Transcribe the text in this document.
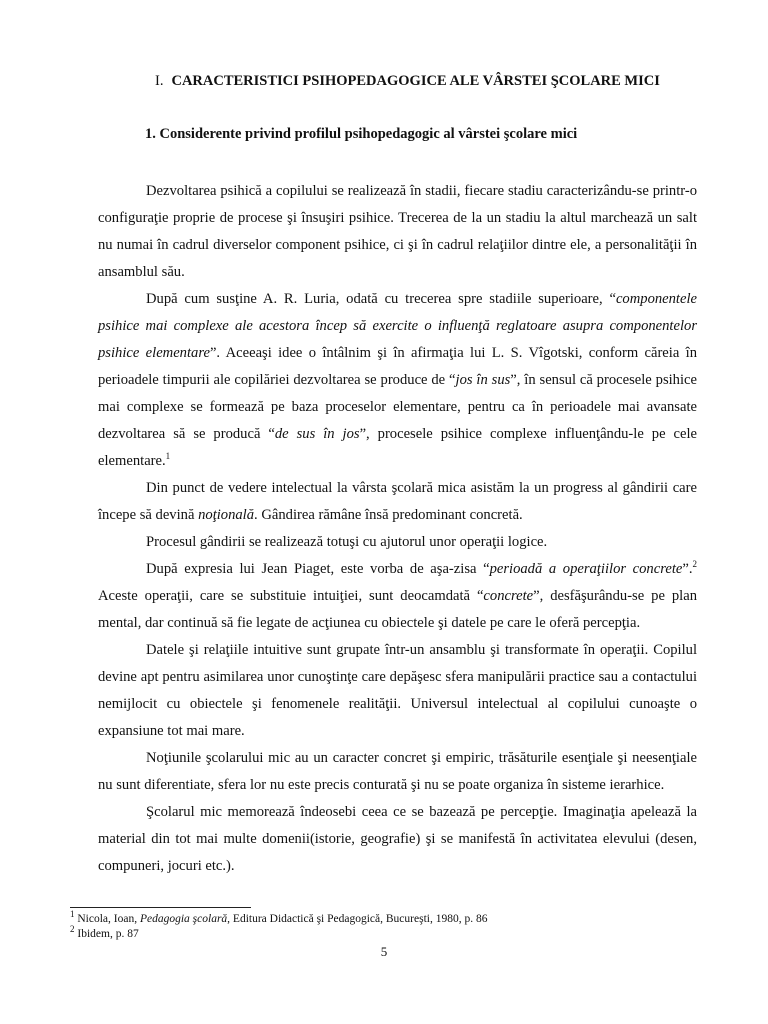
I. CARACTERISTICI PSIHOPEDAGOGICE ALE VÂRSTEI ŞCOLARE MICI
1. Considerente privind profilul psihopedagogic al vârstei şcolare mici

Dezvoltarea psihică a copilului se realizează în stadii, fiecare stadiu caracterizându-se printr-o configuraţie proprie de procese şi însuşiri psihice. Trecerea de la un stadiu la altul marchează un salt nu numai în cadrul diverselor component psihice, ci şi în cadrul relaţiilor dintre ele, a personalităţii în ansamblul său.

După cum susţine A. R. Luria, odată cu trecerea spre stadiile superioare, “componentele psihice mai complexe ale acestora încep să exercite o influenţă reglatoare asupra componentelor psihice elementare”. Aceeaşi idee o întâlnim şi în afirmaţia lui L. S. Vîgotski, conform căreia în perioadele timpurii ale copilăriei dezvoltarea se produce de “jos în sus”, în sensul că procesele psihice mai complexe se formează pe baza proceselor elementare, pentru ca în perioadele mai avansate dezvoltarea să se producă “de sus în jos”, procesele psihice complexe influenţându-le pe cele elementare.$^1$

Din punct de vedere intelectual la vârsta şcolară mica asistăm la un progress al gândirii care începe să devină noţională. Gândirea rămâne însă predominant concretă.

Procesul gândirii se realizează totuşi cu ajutorul unor operaţii logice.

După expresia lui Jean Piaget, este vorba de aşa-zisa “perioadă a operaţiilor concrete”.$^2$ Aceste operaţii, care se substituie intuiţiei, sunt deocamdată “concrete”, desfăşurându-se pe plan mental, dar continuă să fie legate de acţiunea cu obiectele şi datele pe care le oferă percepţia.

Datele şi relaţiile intuitive sunt grupate într-un ansamblu şi transformate în operaţii. Copilul devine apt pentru asimilarea unor cunoştinţe care depăşesc sfera manipulării practice sau a contactului nemijlocit cu obiectele şi fenomenele realităţii. Universul intelectual al copilului cunoaşte o expansiune tot mai mare.

Noţiunile şcolarului mic au un caracter concret şi empiric, trăsăturile esenţiale şi neesenţiale nu sunt diferentiate, sfera lor nu este precis conturată şi nu se poate organiza în sisteme ierarhice.

Şcolarul mic memorează îndeosebi ceea ce se bazează pe percepţie. Imaginaţia apelează la material din tot mai multe domenii(istorie, geografie) şi se manifestă în activitatea elevului (desen, compuneri, jocuri etc.).

$^1$ Nicola, Ioan, Pedagogia şcolară, Editura Didactică şi Pedagogică, Bucureşti, 1980, p. 86
$^2$ Ibidem, p. 87
5
